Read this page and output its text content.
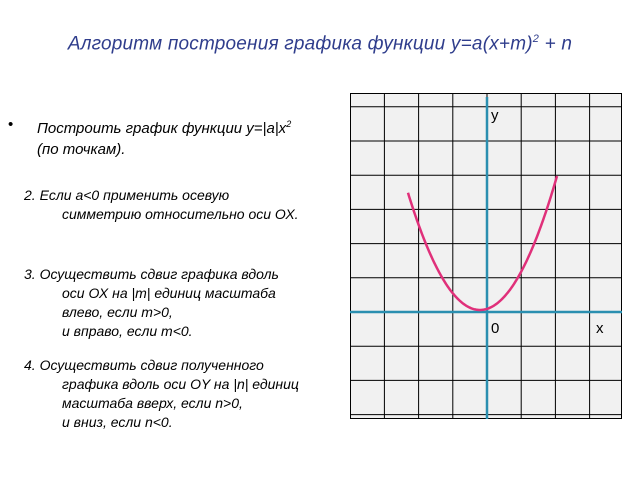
Алгоритм построения графика функции $y=a(x+m)^2 + n$
•	Построить график функции $y=|a|x^2$
(по точкам).
2. Если a<0 применить осевую
симметрию относительно оси ОХ.
3. Осуществить сдвиг графика вдоль
оси ОХ на |m| единиц масштаба
влево, если m>0,
и вправо, если m<0.
4. Осуществить сдвиг полученного
графика вдоль оси OY на |n| единиц
масштаба вверх, если n>0,
и вниз, если n<0.
y
x
0
